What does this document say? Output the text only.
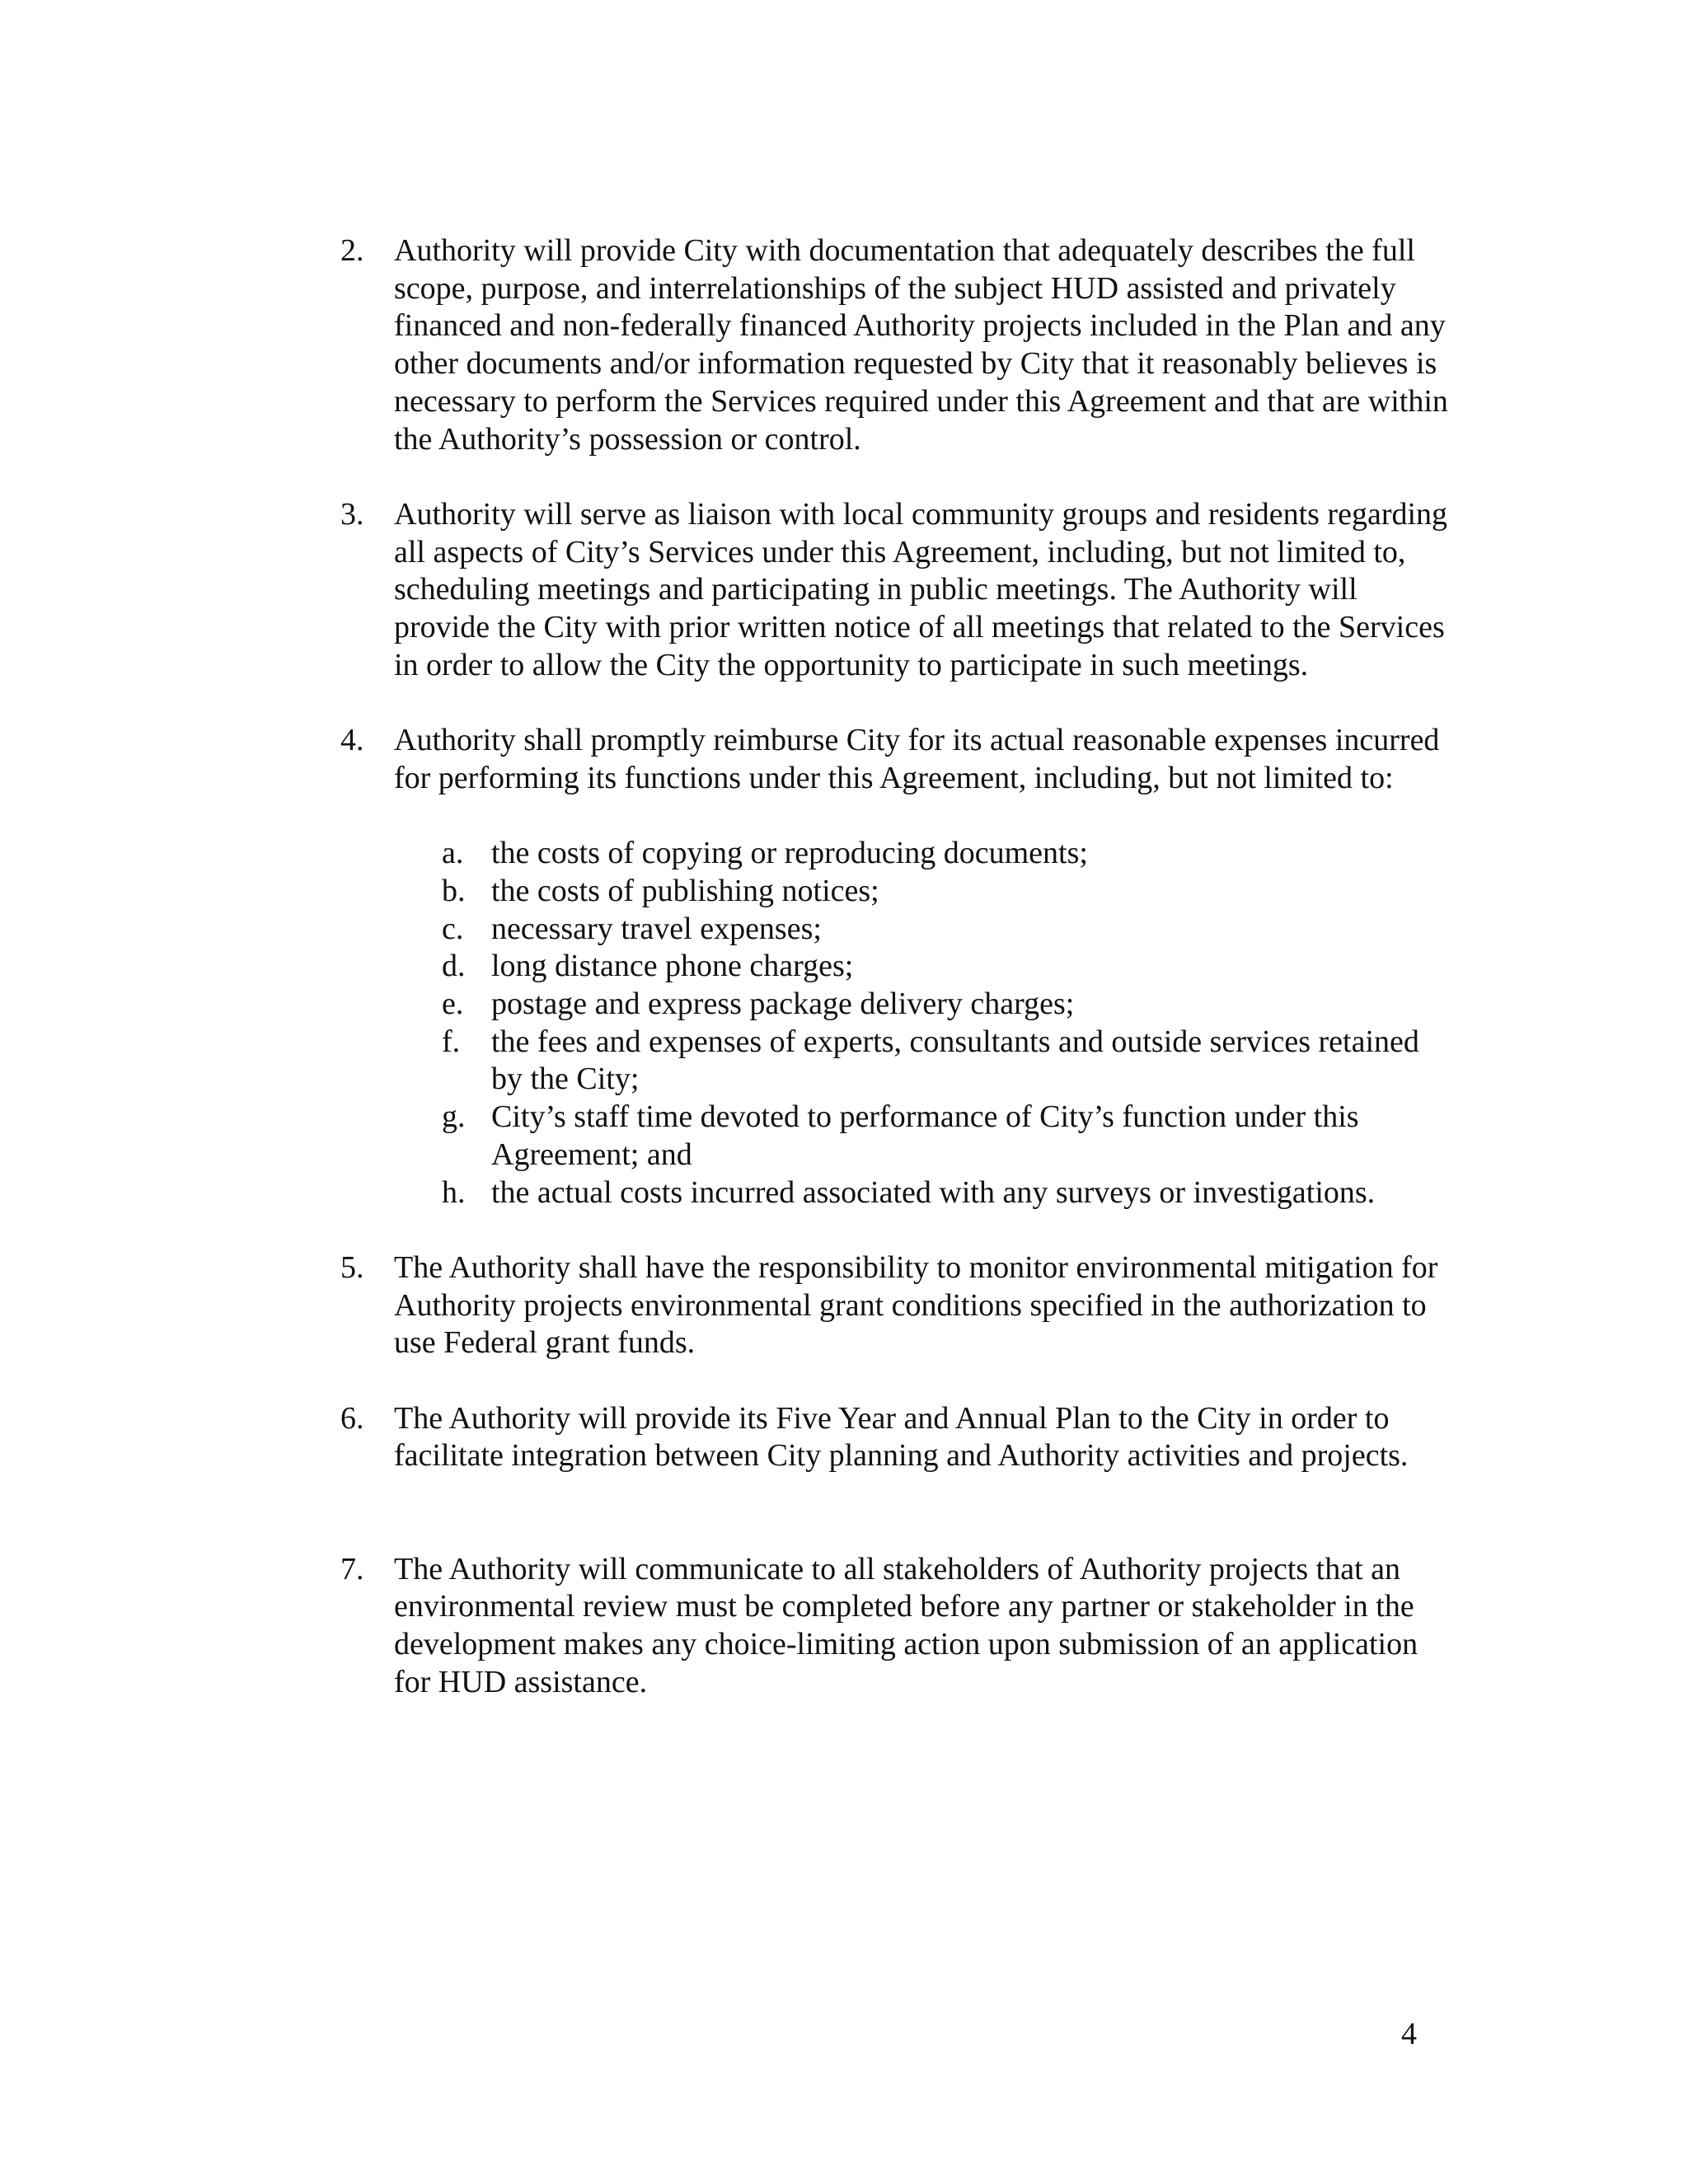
2. Authority will provide City with documentation that adequately describes the full scope, purpose, and interrelationships of the subject HUD assisted and privately financed and non-federally financed Authority projects included in the Plan and any other documents and/or information requested by City that it reasonably believes is necessary to perform the Services required under this Agreement and that are within the Authority’s possession or control.
3. Authority will serve as liaison with local community groups and residents regarding all aspects of City’s Services under this Agreement, including, but not limited to, scheduling meetings and participating in public meetings. The Authority will provide the City with prior written notice of all meetings that related to the Services in order to allow the City the opportunity to participate in such meetings.
4. Authority shall promptly reimburse City for its actual reasonable expenses incurred for performing its functions under this Agreement, including, but not limited to:
a. the costs of copying or reproducing documents;
b. the costs of publishing notices;
c. necessary travel expenses;
d. long distance phone charges;
e. postage and express package delivery charges;
f. the fees and expenses of experts, consultants and outside services retained by the City;
g. City’s staff time devoted to performance of City’s function under this Agreement; and
h. the actual costs incurred associated with any surveys or investigations.
5. The Authority shall have the responsibility to monitor environmental mitigation for Authority projects environmental grant conditions specified in the authorization to use Federal grant funds.
6. The Authority will provide its Five Year and Annual Plan to the City in order to facilitate integration between City planning and Authority activities and projects.
7. The Authority will communicate to all stakeholders of Authority projects that an environmental review must be completed before any partner or stakeholder in the development makes any choice-limiting action upon submission of an application for HUD assistance.
4
